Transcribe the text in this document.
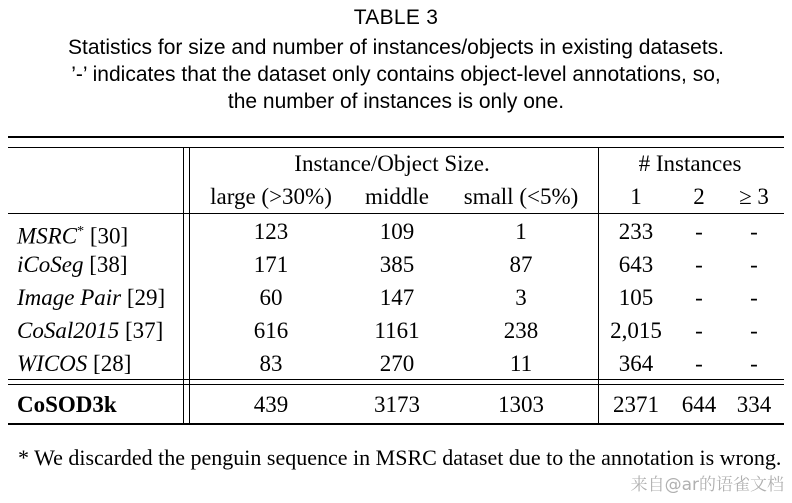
TABLE 3
Statistics for size and number of instances/objects in existing datasets.
’-’ indicates that the dataset only contains object-level annotations, so,
the number of instances is only one.
Instance/Object Size.	# Instances
large (>30%) middle small (<5%) 1 2 ≥ 3
MSRC* [30]	123	109	1	233 - -
iCoSeg [38]	171	385	87	643 - -
Image Pair [29]	60	147	3	105 - -
CoSal2015 [37]	616	1161	238	2,015 - -
WICOS [28]	83	270	11	364 - -
CoSOD3k	439	3173	1303	2371 644 334
* We discarded the penguin sequence in MSRC dataset due to the annotation is wrong.
来自@ar的语雀文档
